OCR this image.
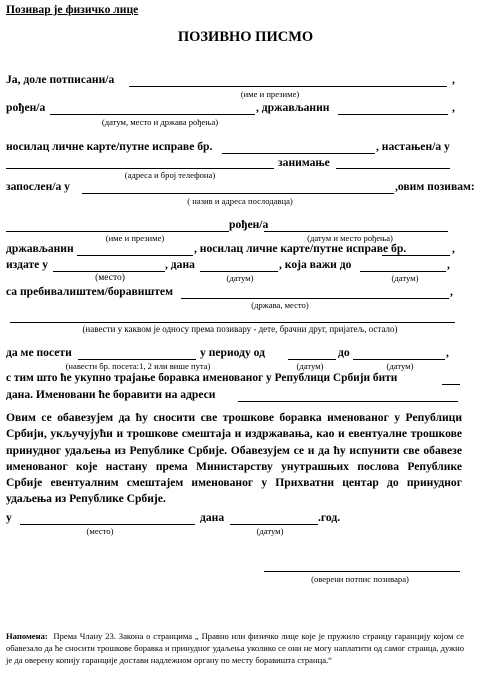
Позивар је физичко лице
ПОЗИВНО ПИСМО
Ја, доле потписани/а	,
(име и презиме)
рођен/а	, држављанин	,
(датум, место и држава рођења)
носилац личне карте/путне исправе бр.	, настањен/а у
занимање
(адреса и број телефона)
запослен/а у	,овим позивам:
( назив и адреса послодавца)
рођен/а
(име и презиме)	(датум и место рођења)
држављанин	, носилац личне карте/путне исправе бр.	,
издате у	, дана	, која важи до	,
(место)	(датум)	(датум)
са пребивалиштем/боравиштем	,
(држава, место)
(навести у каквом је односу према позивару - дете, брачни друг, пријатељ, остало)
да ме посети	у периоду од	до	,
(навести бр. посета:1, 2 или више пута)	(датум)	(датум)
с тим што ће укупно трајање боравка именованог у Републици Србији бити
дана. Именовани ће боравити на адреси
Овим се обавезујем да ћу сносити све трошкове боравка именованог у Републици Србији, укључујући и трошкове смештаја и издржавања, као и евентуалне трошкове принудног удаљења из Републике Србије. Обавезујем се и да ћу испунити све обавезе именованог које настану према Министарству унутрашњих послова Републике Србије евентуалним смештајем именованог у Прихватни центар до принудног удаљења из Републике Србије.
у	дана	.год.
(место)	(датум)
(оверени потпис позивара)
Напомена: Према Члану 23. Закона о странцима „ Правно или физичко лице које је пружило странцу гаранцију којом се обавезало да ће сносити трошкове боравка и принудног удаљења уколико се они не могу наплатити од самог странца, дужно је да оверену копију гаранције достави надлежном органу по месту боравишта странца.“
